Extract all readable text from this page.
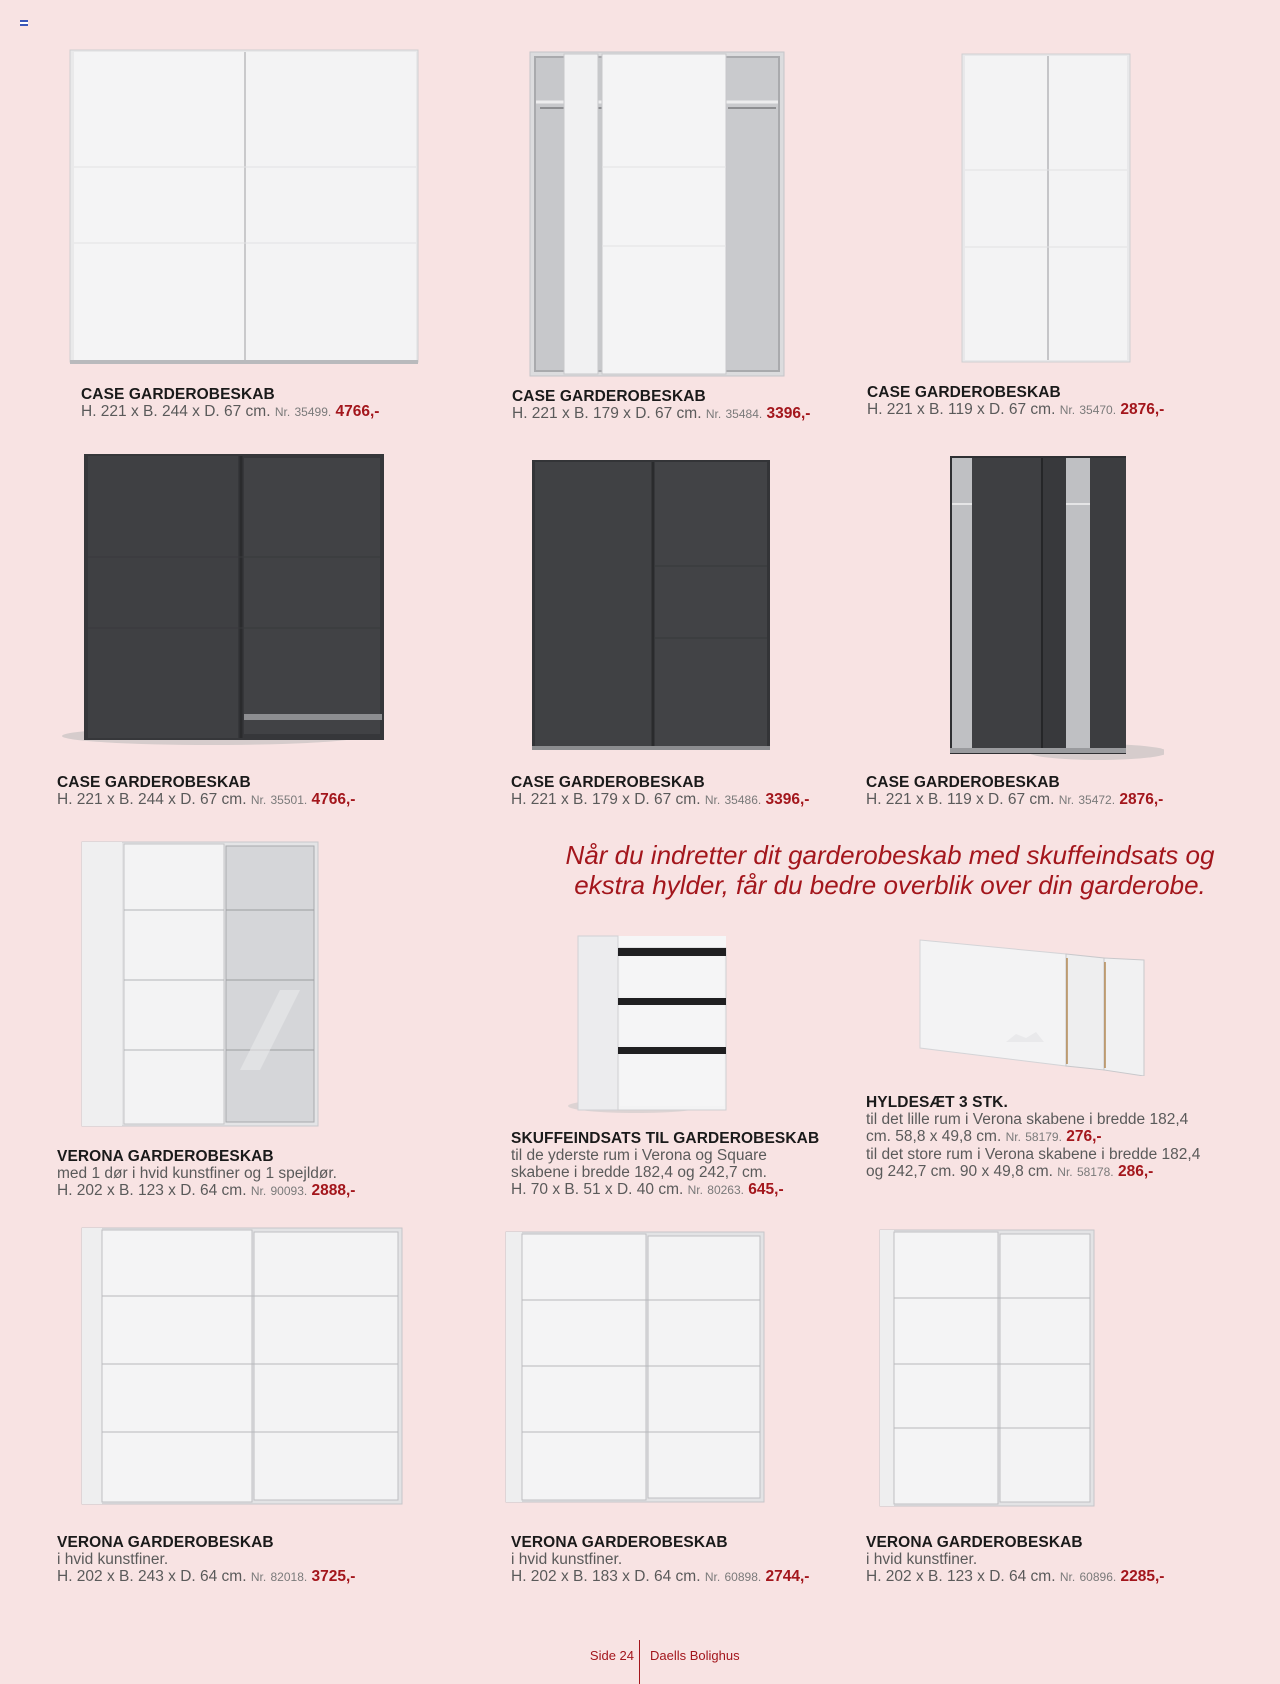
CASE GARDEROBESKAB
H. 221 x B. 244 x D. 67 cm. Nr. 35499. 4766,-
CASE GARDEROBESKAB
H. 221 x B. 179 x D. 67 cm. Nr. 35484. 3396,-
CASE GARDEROBESKAB
H. 221 x B. 119 x D. 67 cm. Nr. 35470. 2876,-
CASE GARDEROBESKAB
H. 221 x B. 244 x D. 67 cm. Nr. 35501. 4766,-
CASE GARDEROBESKAB
H. 221 x B. 179 x D. 67 cm. Nr. 35486. 3396,-
CASE GARDEROBESKAB
H. 221 x B. 119 x D. 67 cm. Nr. 35472. 2876,-
Når du indretter dit garderobeskab med skuffeindsats og
ekstra hylder, får du bedre overblik over din garderobe.
VERONA GARDEROBESKAB
med 1 dør i hvid kunstfiner og 1 spejldør.
H. 202 x B. 123 x D. 64 cm. Nr. 90093. 2888,-
SKUFFEINDSATS TIL GARDEROBESKAB
til de yderste rum i Verona og Square
skabene i bredde 182,4 og 242,7 cm.
H. 70 x B. 51 x D. 40 cm. Nr. 80263. 645,-
HYLDESÆT 3 STK.
til det lille rum i Verona skabene i bredde 182,4
cm. 58,8 x 49,8 cm. Nr. 58179. 276,-
til det store rum i Verona skabene i bredde 182,4
og 242,7 cm. 90 x 49,8 cm. Nr. 58178. 286,-
VERONA GARDEROBESKAB
i hvid kunstfiner.
H. 202 x B. 243 x D. 64 cm. Nr. 82018. 3725,-
VERONA GARDEROBESKAB
i hvid kunstfiner.
H. 202 x B. 183 x D. 64 cm. Nr. 60898. 2744,-
VERONA GARDEROBESKAB
i hvid kunstfiner.
H. 202 x B. 123 x D. 64 cm. Nr. 60896. 2285,-
Side 24 Daells Bolighus
